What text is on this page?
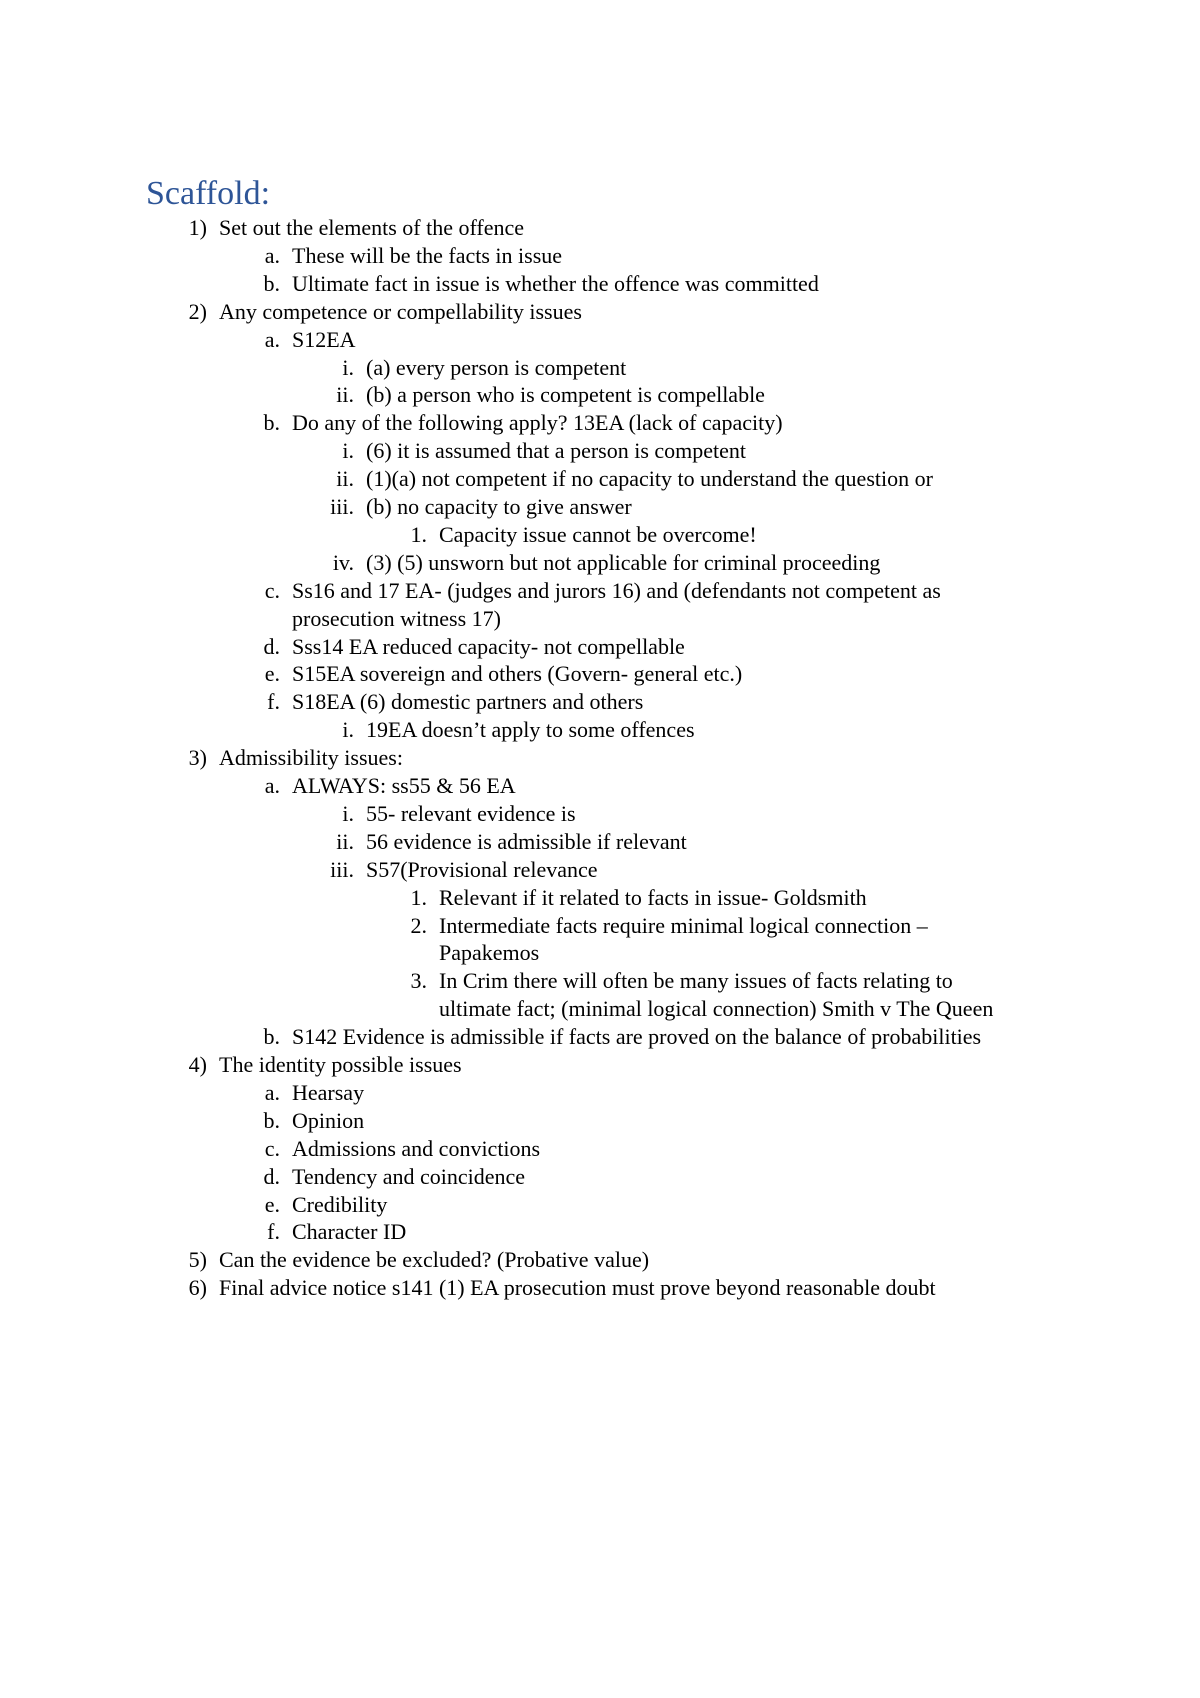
Scaffold:
1) Set out the elements of the offence
a. These will be the facts in issue
b. Ultimate fact in issue is whether the offence was committed
2) Any competence or compellability issues
a. S12EA
i. (a) every person is competent
ii. (b) a person who is competent is compellable
b. Do any of the following apply? 13EA (lack of capacity)
i. (6) it is assumed that a person is competent
ii. (1)(a) not competent if no capacity to understand the question or
iii. (b) no capacity to give answer
1. Capacity issue cannot be overcome!
iv. (3) (5) unsworn but not applicable for criminal proceeding
c. Ss16 and 17 EA- (judges and jurors 16) and (defendants not competent as
prosecution witness 17)
d. Sss14 EA reduced capacity- not compellable
e. S15EA sovereign and others (Govern- general etc.)
f. S18EA (6) domestic partners and others
i. 19EA doesn’t apply to some offences
3) Admissibility issues:
a. ALWAYS: ss55 & 56 EA
i. 55- relevant evidence is
ii. 56 evidence is admissible if relevant
iii. S57(Provisional relevance
1. Relevant if it related to facts in issue- Goldsmith
2. Intermediate facts require minimal logical connection –
Papakemos
3. In Crim there will often be many issues of facts relating to
ultimate fact; (minimal logical connection) Smith v The Queen
b. S142 Evidence is admissible if facts are proved on the balance of probabilities
4) The identity possible issues
a. Hearsay
b. Opinion
c. Admissions and convictions
d. Tendency and coincidence
e. Credibility
f. Character ID
5) Can the evidence be excluded? (Probative value)
6) Final advice notice s141 (1) EA prosecution must prove beyond reasonable doubt
